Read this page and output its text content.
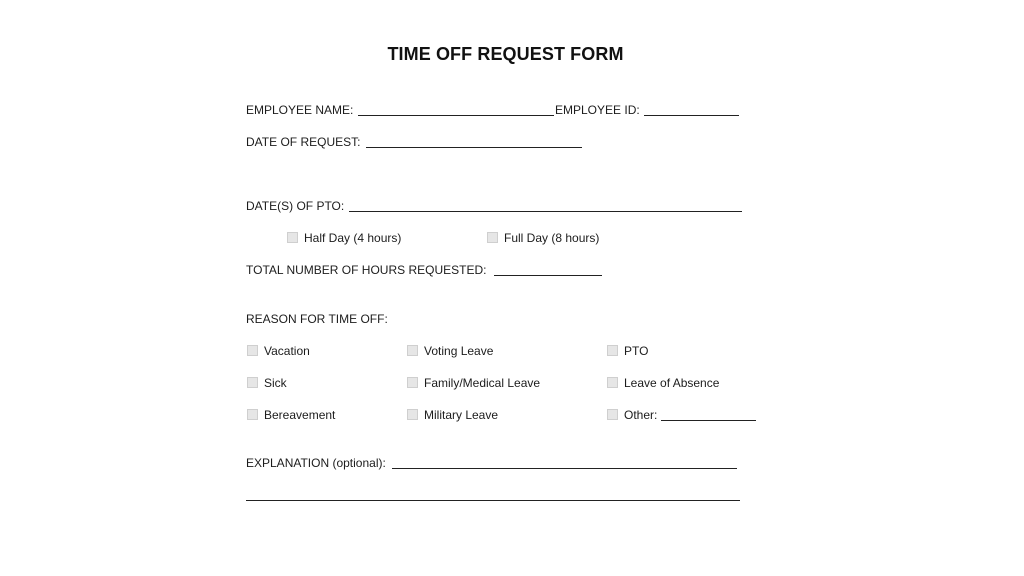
TIME OFF REQUEST FORM
EMPLOYEE NAME:	EMPLOYEE ID:
DATE OF REQUEST:
DATE(S) OF PTO:
Half Day (4 hours)	Full Day (8 hours)
TOTAL NUMBER OF HOURS REQUESTED:
REASON FOR TIME OFF:
Vacation	Voting Leave	PTO
Sick	Family/Medical Leave	Leave of Absence
Bereavement	Military Leave	Other:
EXPLANATION (optional):
